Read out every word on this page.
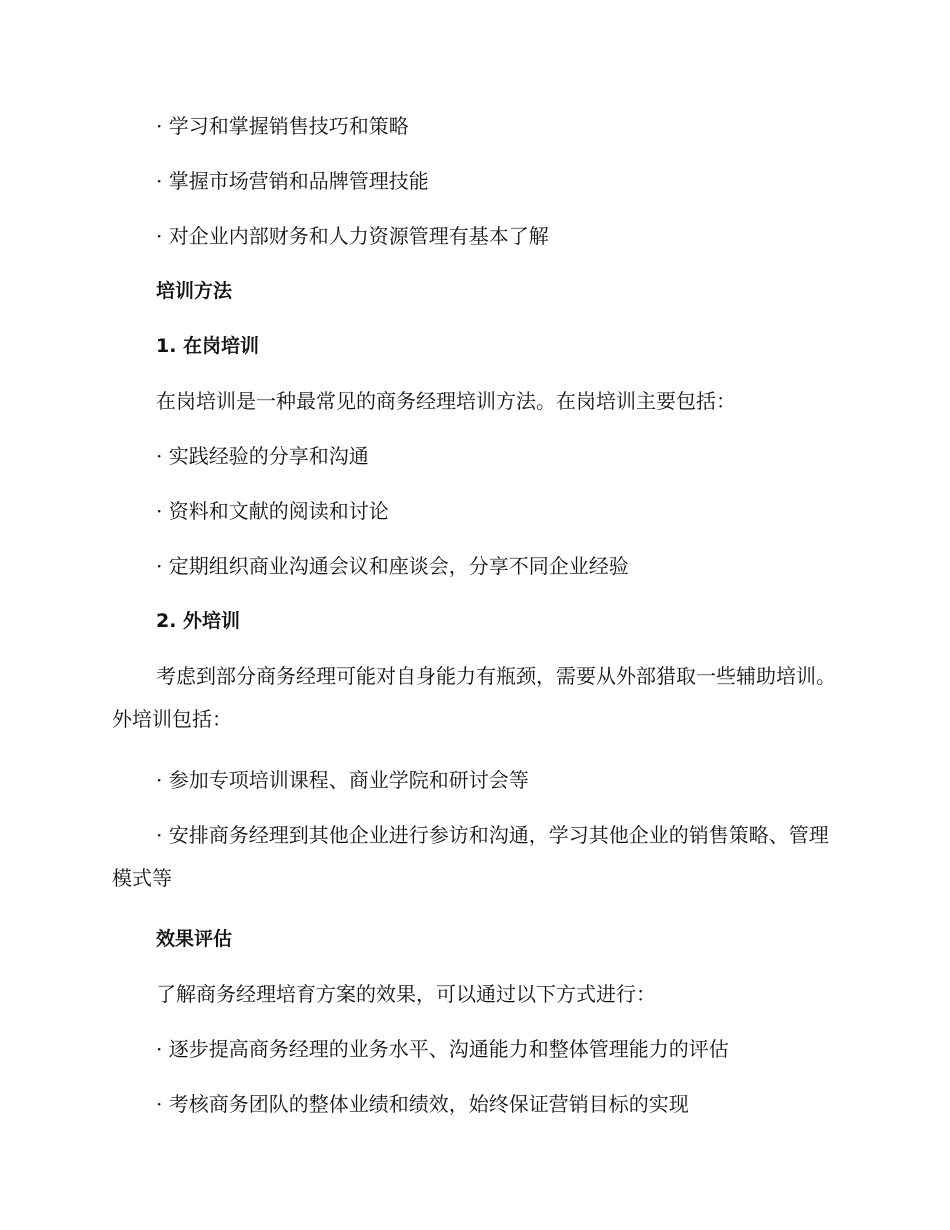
· 学习和掌握销售技巧和策略

· 掌握市场营销和品牌管理技能

· 对企业内部财务和人力资源管理有基本了解

培训方法

1. 在岗培训

在岗培训是一种最常见的商务经理培训方法。在岗培训主要包括：

· 实践经验的分享和沟通

· 资料和文献的阅读和讨论

· 定期组织商业沟通会议和座谈会，分享不同企业经验

2. 外培训

考虑到部分商务经理可能对自身能力有瓶颈，需要从外部猎取一些辅助培训。外培训包括：

· 参加专项培训课程、商业学院和研讨会等

· 安排商务经理到其他企业进行参访和沟通，学习其他企业的销售策略、管理模式等

效果评估

了解商务经理培育方案的效果，可以通过以下方式进行：

· 逐步提高商务经理的业务水平、沟通能力和整体管理能力的评估

· 考核商务团队的整体业绩和绩效，始终保证营销目标的实现
